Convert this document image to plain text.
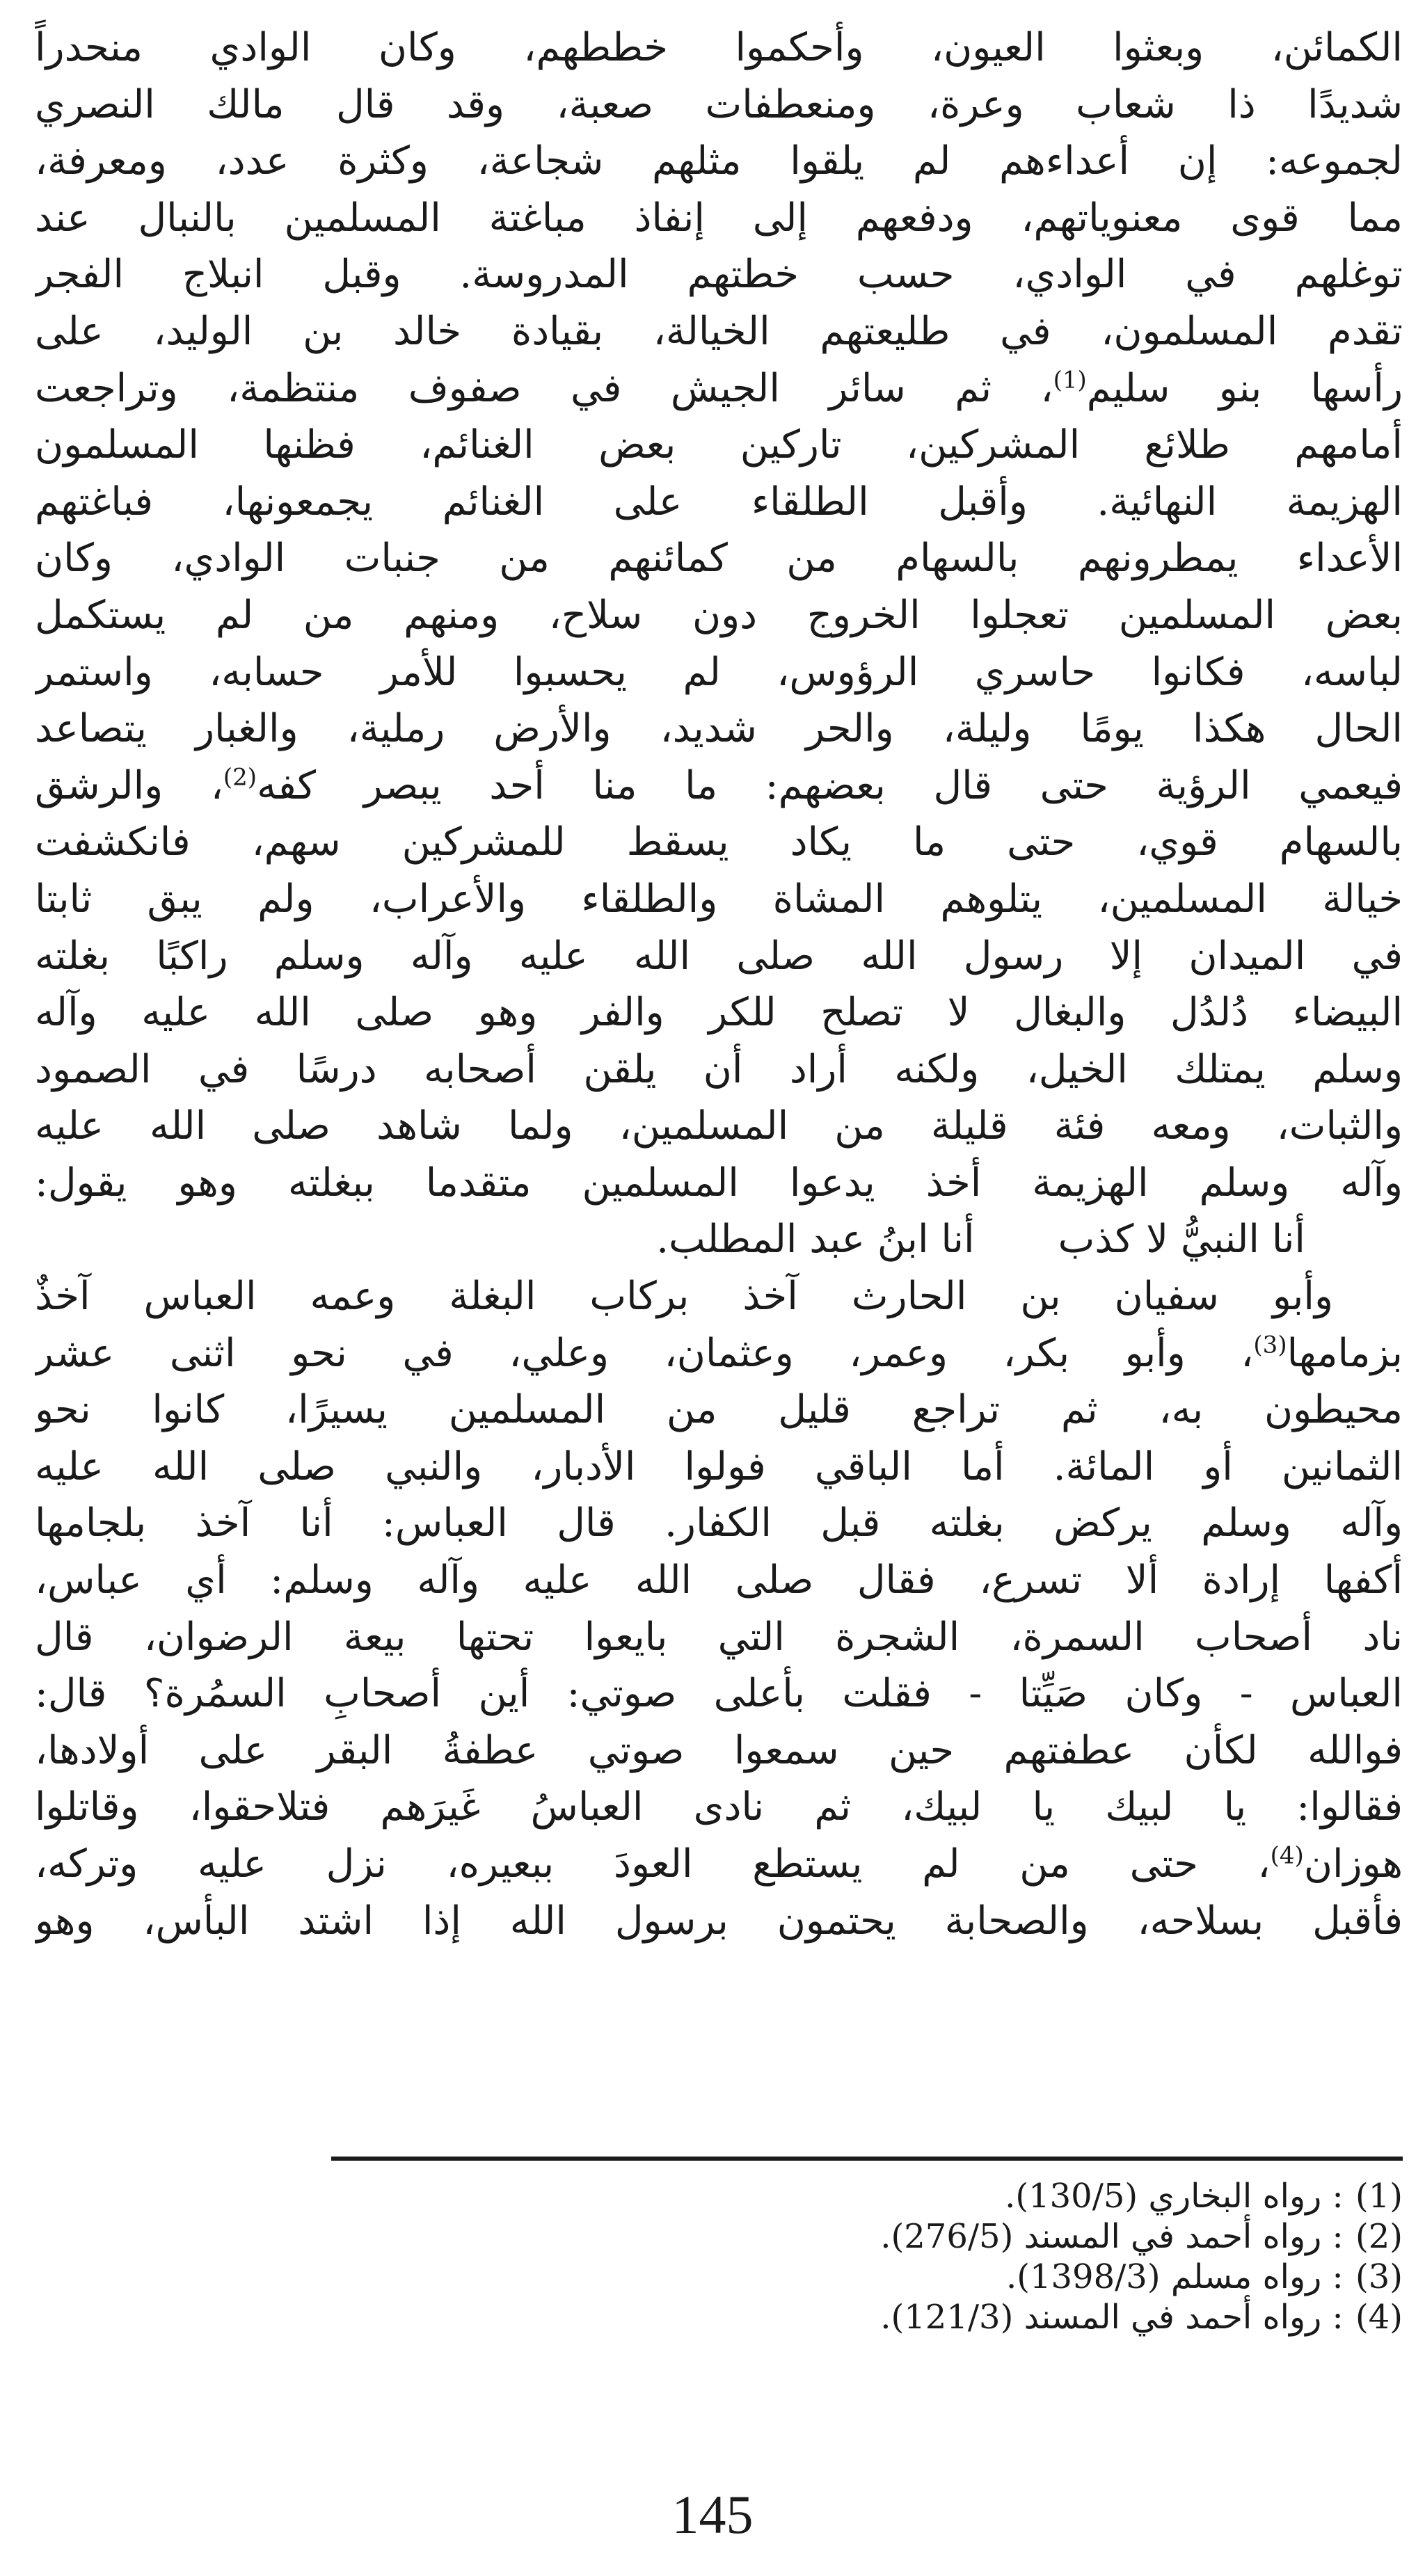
الكمائن، وبعثوا العيون، وأحكموا خططهم، وكان الوادي منحدراً
شديدًا ذا شعاب وعرة، ومنعطفات صعبة، وقد قال مالك النصري
لجموعه: إن أعداءهم لم يلقوا مثلهم شجاعة، وكثرة عدد، ومعرفة،
مما قوى معنوياتهم، ودفعهم إلى إنفاذ مباغتة المسلمين بالنبال عند
توغلهم في الوادي، حسب خطتهم المدروسة. وقبل انبلاج الفجر
تقدم المسلمون، في طليعتهم الخيالة، بقيادة خالد بن الوليد، على
رأسها بنو سليم$^{(1)}$، ثم سائر الجيش في صفوف منتظمة، وتراجعت
أمامهم طلائع المشركين، تاركين بعض الغنائم، فظنها المسلمون
الهزيمة النهائية. وأقبل الطلقاء على الغنائم يجمعونها، فباغتهم
الأعداء يمطرونهم بالسهام من كمائنهم من جنبات الوادي، وكان
بعض المسلمين تعجلوا الخروج دون سلاح، ومنهم من لم يستكمل
لباسه، فكانوا حاسري الرؤوس، لم يحسبوا للأمر حسابه، واستمر
الحال هكذا يومًا وليلة، والحر شديد، والأرض رملية، والغبار يتصاعد
فيعمي الرؤية حتى قال بعضهم: ما منا أحد يبصر كفه$^{(2)}$، والرشق
بالسهام قوي، حتى ما يكاد يسقط للمشركين سهم، فانكشفت
خيالة المسلمين، يتلوهم المشاة والطلقاء والأعراب، ولم يبق ثابتا
في الميدان إلا رسول الله صلى الله عليه وآله وسلم راكبًا بغلته
البيضاء دُلدُل والبغال لا تصلح للكر والفر وهو صلى الله عليه وآله
وسلم يمتلك الخيل، ولكنه أراد أن يلقن أصحابه درسًا في الصمود
والثبات، ومعه فئة قليلة من المسلمين، ولما شاهد صلى الله عليه
وآله وسلم الهزيمة أخذ يدعوا المسلمين متقدما ببغلته وهو يقول:
أنا النبيُّ لا كذب
أنا ابنُ عبد المطلب.
وأبو سفيان بن الحارث آخذ بركاب البغلة وعمه العباس آخذٌ
بزمامها$^{(3)}$، وأبو بكر، وعمر، وعثمان، وعلي، في نحو اثنى عشر
محيطون به، ثم تراجع قليل من المسلمين يسيرًا، كانوا نحو
الثمانين أو المائة. أما الباقي فولوا الأدبار، والنبي صلى الله عليه
وآله وسلم يركض بغلته قبل الكفار. قال العباس: أنا آخذ بلجامها
أكفها إرادة ألا تسرع، فقال صلى الله عليه وآله وسلم: أي عباس،
ناد أصحاب السمرة، الشجرة التي بايعوا تحتها بيعة الرضوان، قال
العباس - وكان صَيِّتا - فقلت بأعلى صوتي: أين أصحابِ السمُرة؟ قال:
فوالله لكأن عطفتهم حين سمعوا صوتي عطفةُ البقر على أولادها،
فقالوا: يا لبيك يا لبيك، ثم نادى العباسُ غَيرَهم فتلاحقوا، وقاتلوا
هوزان$^{(4)}$، حتى من لم يستطع العودَ ببعيره، نزل عليه وتركه،
فأقبل بسلاحه، والصحابة يحتمون برسول الله إذا اشتد البأس، وهو
(1) : رواه البخاري (130/5).
(2) : رواه أحمد في المسند (276/5).
(3) : رواه مسلم (1398/3).
(4) : رواه أحمد في المسند (121/3).
145
